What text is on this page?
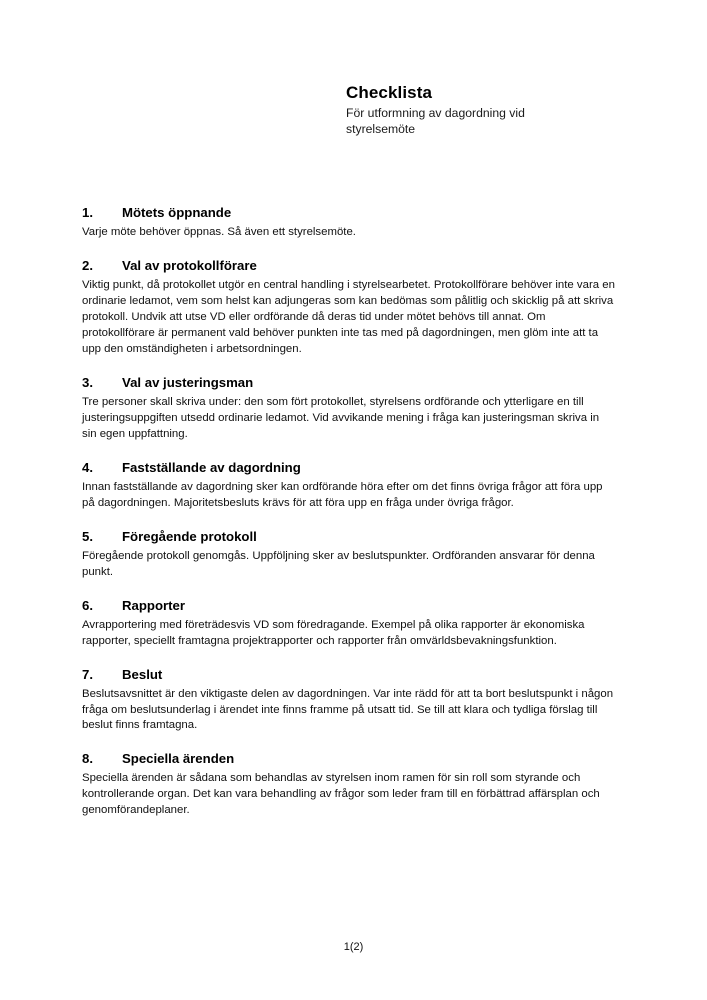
Checklista

För utformning av dagordning vid styrelsemöte

1.	Mötets öppnande

Varje möte behöver öppnas. Så även ett styrelsemöte.

2.	Val av protokollförare

Viktig punkt, då protokollet utgör en central handling i styrelsearbetet. Protokollförare behöver inte vara en ordinarie ledamot, vem som helst kan adjungeras som kan bedömas som pålitlig och skicklig på att skriva protokoll. Undvik att utse VD eller ordförande då deras tid under mötet behövs till annat. Om protokollförare är permanent vald behöver punkten inte tas med på dagordningen, men glöm inte att ta upp den omständigheten i arbetsordningen.

3.	Val av justeringsman

Tre personer skall skriva under: den som fört protokollet, styrelsens ordförande och ytterligare en till justeringsuppgiften utsedd ordinarie ledamot. Vid avvikande mening i fråga kan justeringsman skriva in sin egen uppfattning.

4.	Fastställande av dagordning

Innan fastställande av dagordning sker kan ordförande höra efter om det finns övriga frågor att föra upp på dagordningen. Majoritetsbesluts krävs för att föra upp en fråga under övriga frågor.

5.	Föregående protokoll

Föregående protokoll genomgås. Uppföljning sker av beslutspunkter. Ordföranden ansvarar för denna punkt.

6.	Rapporter

Avrapportering med företrädesvis VD som föredragande. Exempel på olika rapporter är ekonomiska rapporter, speciellt framtagna projektrapporter och rapporter från omvärldsbevakningsfunktion.

7.	Beslut

Beslutsavsnittet är den viktigaste delen av dagordningen. Var inte rädd för att ta bort beslutspunkt i någon fråga om beslutsunderlag i ärendet inte finns framme på utsatt tid. Se till att klara och tydliga förslag till beslut finns framtagna.

8.	Speciella ärenden

Speciella ärenden är sådana som behandlas av styrelsen inom ramen för sin roll som styrande och kontrollerande organ. Det kan vara behandling av frågor som leder fram till en förbättrad affärsplan och genomförandeplaner.

1(2)
